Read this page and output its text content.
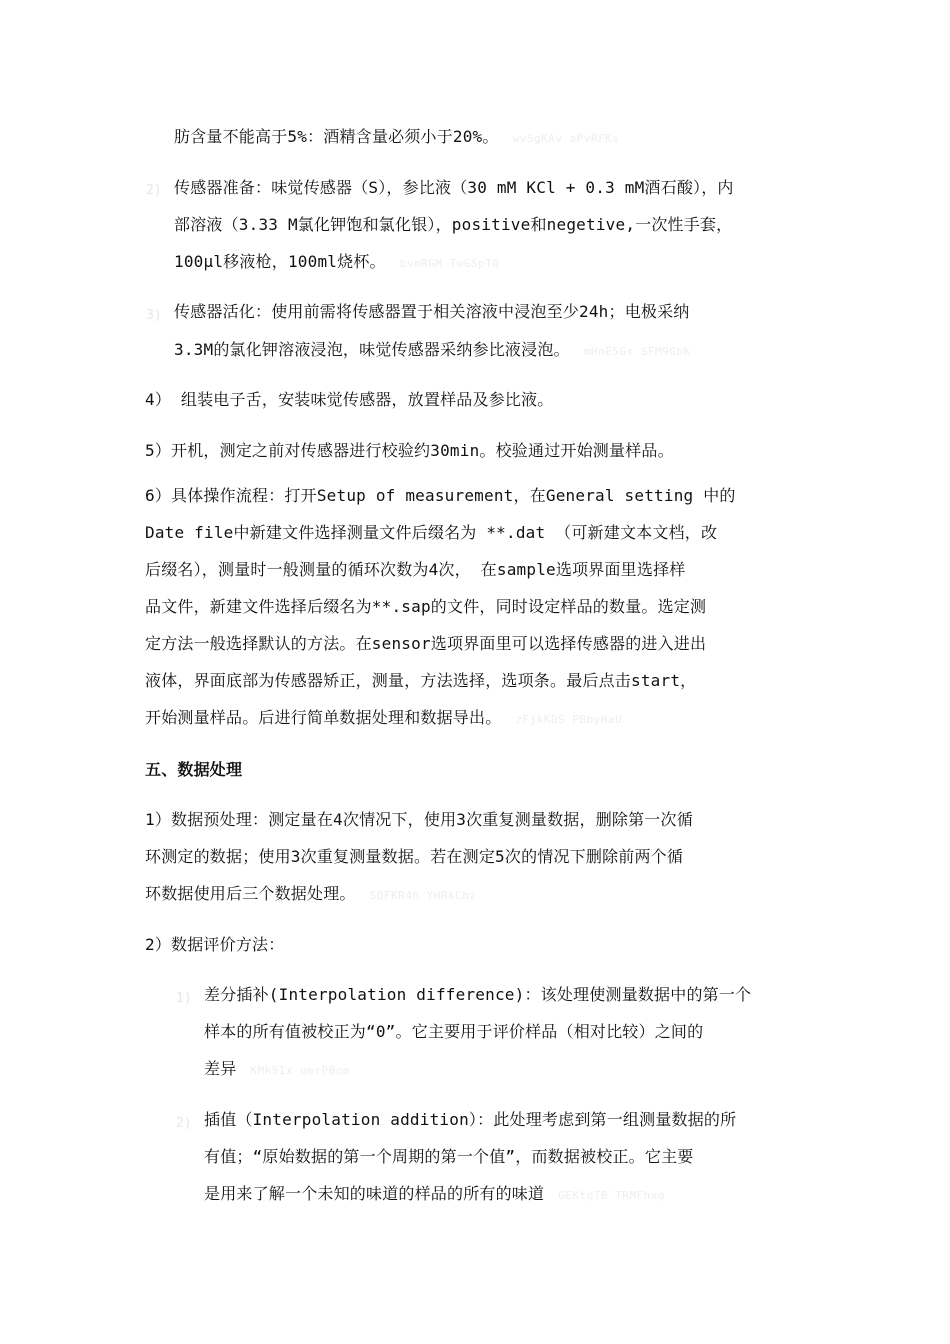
肪含量不能高于5%：酒精含量必须小于20%。 wvSgKAv aPvRFKs
2) 传感器准备：味觉传感器（S），参比液（30 mM KCl + 0.3 mM酒石酸），内
部溶液（3.33 M氯化钾饱和氯化银），positive和negetive,一次性手套，
100μl移液枪，100ml烧杯。 bvmRGM TwGSpTQ
3) 传感器活化：使用前需将传感器置于相关溶液中浸泡至少24h；电极采纳
3.3M的氯化钾溶液浸泡，味觉传感器采纳参比液浸泡。 mHnE5Gx SFM9Gbk
4） 组装电子舌，安装味觉传感器，放置样品及参比液。
5）开机，测定之前对传感器进行校验约30min。校验通过开始测量样品。
6）具体操作流程：打开Setup of measurement，在General setting 中的
Date file中新建文件选择测量文件后缀名为 **.dat （可新建文本文档，改
后缀名），测量时一般测量的循环次数为4次， 在sample选项界面里选择样
品文件，新建文件选择后缀名为**.sap的文件，同时设定样品的数量。选定测
定方法一般选择默认的方法。在sensor选项界面里可以选择传感器的进入进出
液体，界面底部为传感器矫正，测量，方法选择，选项条。最后点击start，
开始测量样品。后进行简单数据处理和数据导出。 zFjkKDS PBbyHaU
五、数据处理
1）数据预处理：测定量在4次情况下，使用3次重复测量数据，删除第一次循
环测定的数据；使用3次重复测量数据。若在测定5次的情况下删除前两个循
环数据使用后三个数据处理。 SQFKR4h YHRkChz
2）数据评价方法：
1) 差分插补(Interpolation difference)：该处理使测量数据中的第一个
样本的所有值被校正为“0”。它主要用于评价样品（相对比较）之间的
差异 KMk5Ix uerPBom
2) 插值（Interpolation addition）：此处理考虑到第一组测量数据的所
有值；“原始数据的第一个周期的第一个值”，而数据被校正。它主要
是用来了解一个未知的味道的样品的所有的味道 GEKtqTB TRMFhxq
